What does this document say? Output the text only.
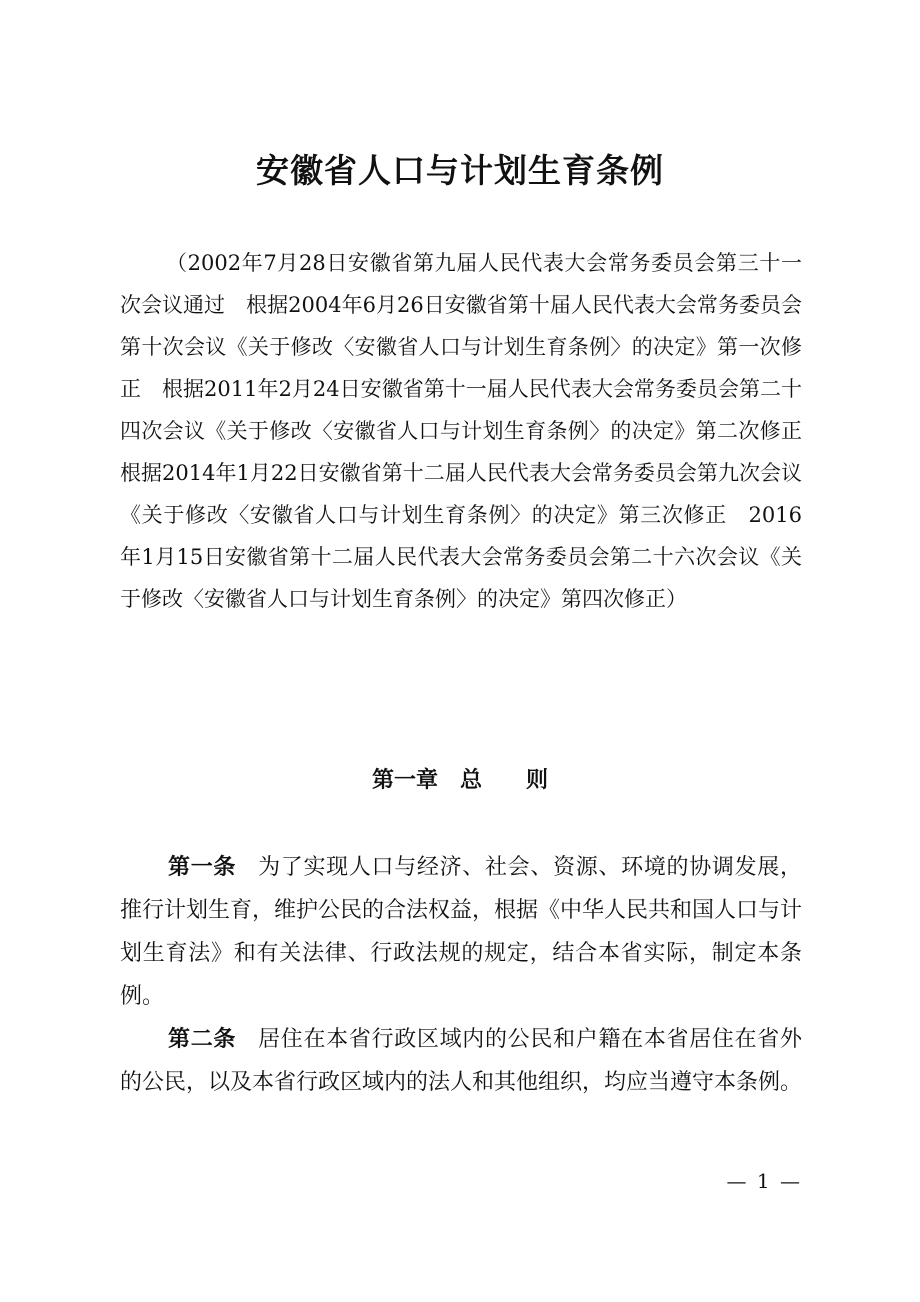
安徽省人口与计划生育条例

（2002年7月28日安徽省第九届人民代表大会常务委员会第三十一次会议通过　根据2004年6月26日安徽省第十届人民代表大会常务委员会第十次会议《关于修改〈安徽省人口与计划生育条例〉的决定》第一次修正　根据2011年2月24日安徽省第十一届人民代表大会常务委员会第二十四次会议《关于修改〈安徽省人口与计划生育条例〉的决定》第二次修正　根据2014年1月22日安徽省第十二届人民代表大会常务委员会第九次会议《关于修改〈安徽省人口与计划生育条例〉的决定》第三次修正　2016年1月15日安徽省第十二届人民代表大会常务委员会第二十六次会议《关于修改〈安徽省人口与计划生育条例〉的决定》第四次修正）

第一章　总　　则

第一条 为了实现人口与经济、社会、资源、环境的协调发展，推行计划生育，维护公民的合法权益，根据《中华人民共和国人口与计划生育法》和有关法律、行政法规的规定，结合本省实际，制定本条例。

第二条 居住在本省行政区域内的公民和户籍在本省居住在省外的公民，以及本省行政区域内的法人和其他组织，均应当遵守本条例。

— 1 —
